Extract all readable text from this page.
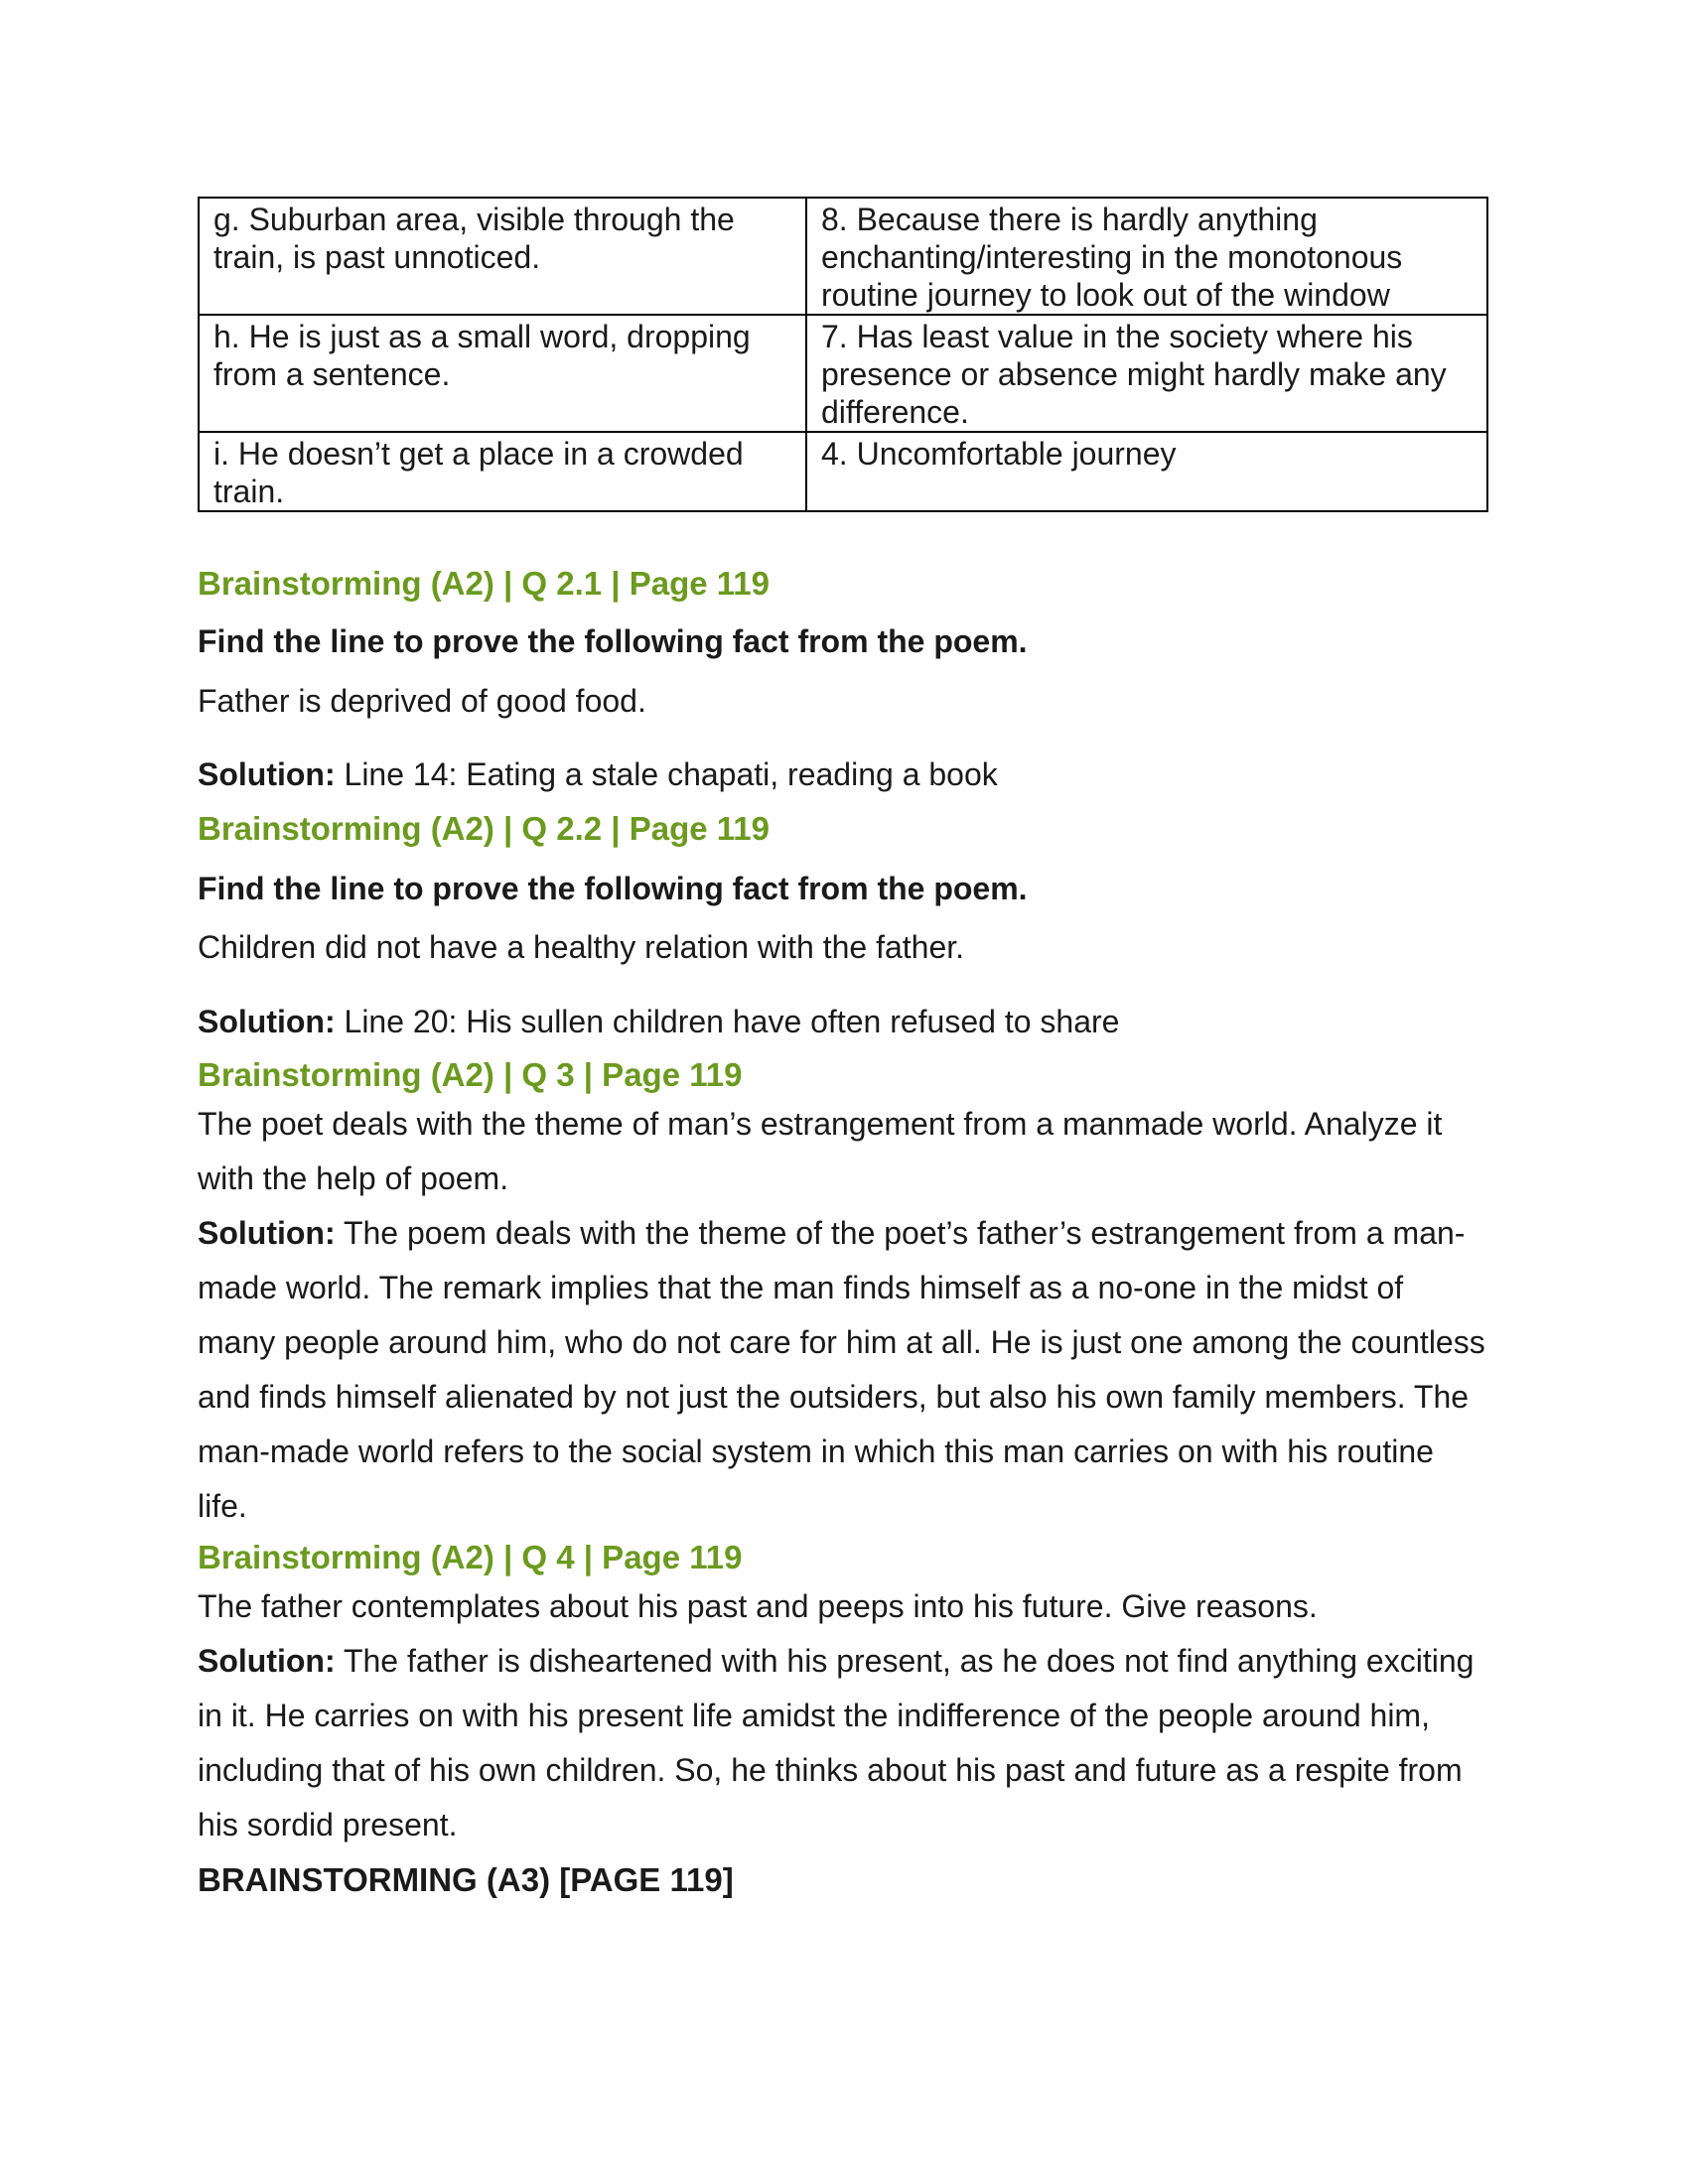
g. Suburban area, visible through the train, is past unnoticed.	8. Because there is hardly anything enchanting/interesting in the monotonous routine journey to look out of the window
h. He is just as a small word, dropping from a sentence.	7. Has least value in the society where his presence or absence might hardly make any difference.
i. He doesn’t get a place in a crowded train.	4. Uncomfortable journey

Brainstorming (A2) | Q 2.1 | Page 119

Find the line to prove the following fact from the poem.

Father is deprived of good food.

Solution: Line 14: Eating a stale chapati, reading a book

Brainstorming (A2) | Q 2.2 | Page 119

Find the line to prove the following fact from the poem.

Children did not have a healthy relation with the father.

Solution: Line 20: His sullen children have often refused to share

Brainstorming (A2) | Q 3 | Page 119

The poet deals with the theme of man’s estrangement from a manmade world. Analyze it with the help of poem.

Solution: The poem deals with the theme of the poet’s father’s estrangement from a man-made world. The remark implies that the man finds himself as a no-one in the midst of many people around him, who do not care for him at all. He is just one among the countless and finds himself alienated by not just the outsiders, but also his own family members. The man-made world refers to the social system in which this man carries on with his routine life.

Brainstorming (A2) | Q 4 | Page 119

The father contemplates about his past and peeps into his future. Give reasons.

Solution: The father is disheartened with his present, as he does not find anything exciting in it. He carries on with his present life amidst the indifference of the people around him, including that of his own children. So, he thinks about his past and future as a respite from his sordid present.

BRAINSTORMING (A3) [PAGE 119]
